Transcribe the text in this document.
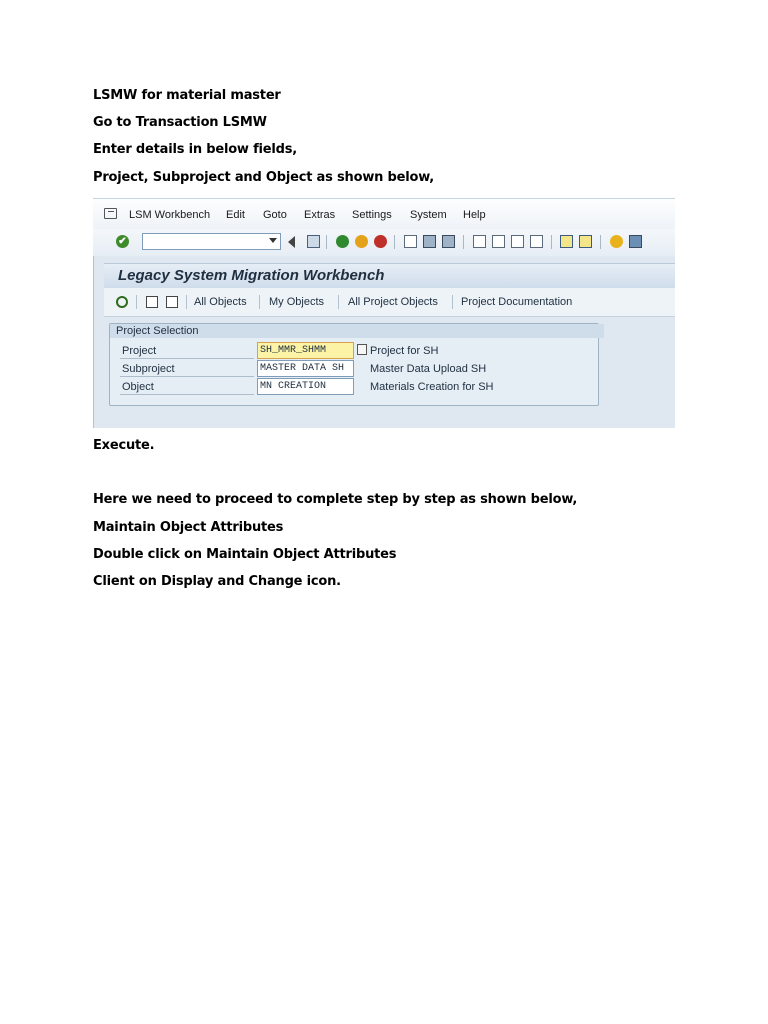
LSMW for material master
Go to Transaction LSMW
Enter details in below fields,
Project, Subproject and Object as shown below,
LSM Workbench Edit Goto Extras Settings System Help
✔
Legacy System Migration Workbench
All Objects My Objects All Project Objects Project Documentation
Project Selection
Project	SH_MMR_SHMM	Project for SH
Subproject	MASTER DATA SH	Master Data Upload SH
Object	MN CREATION	Materials Creation for SH
Execute.
Here we need to proceed to complete step by step as shown below,
Maintain Object Attributes
Double click on Maintain Object Attributes
Client on Display and Change icon.
